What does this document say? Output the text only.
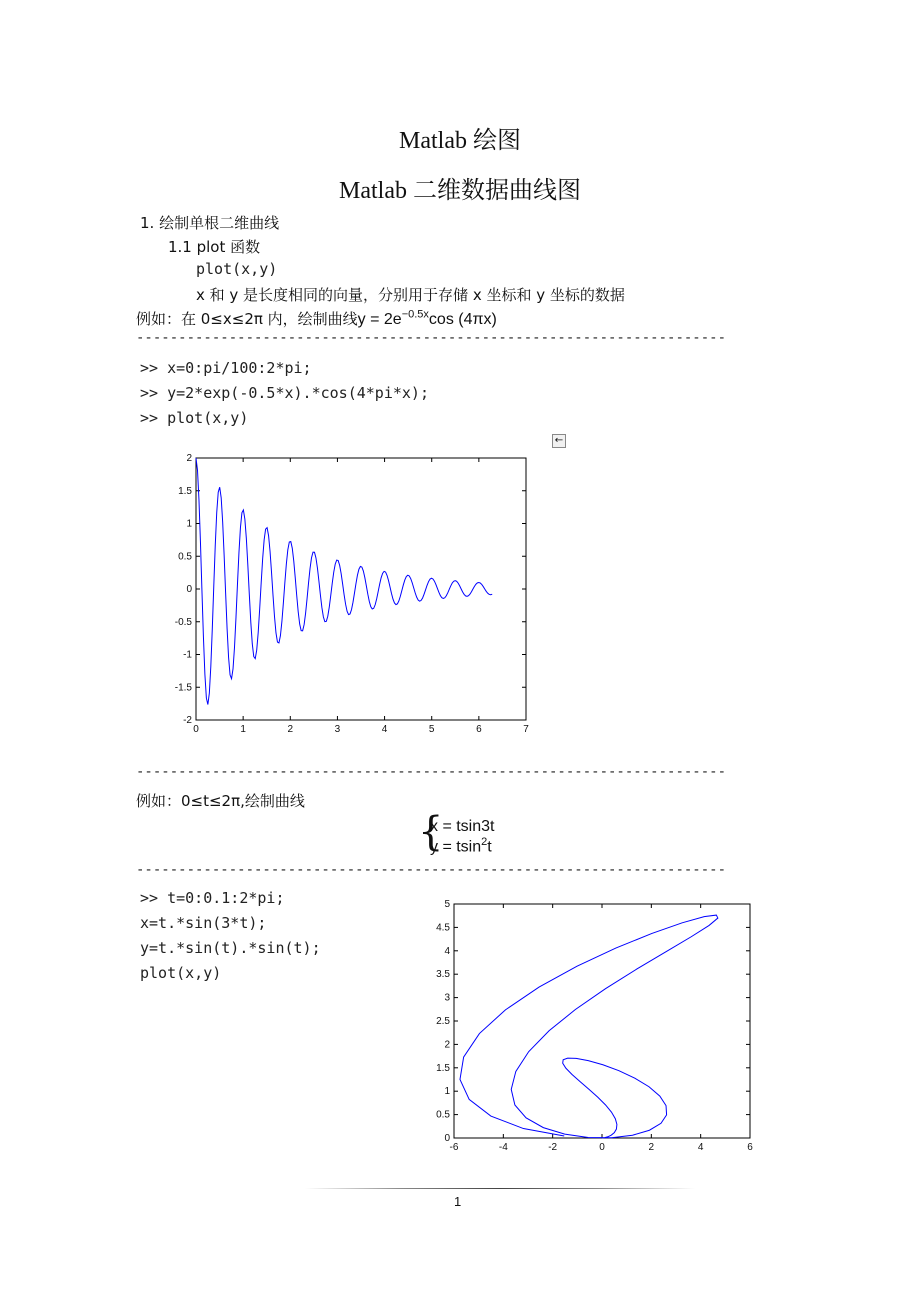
Matlab 绘图
Matlab 二维数据曲线图
1. 绘制单根二维曲线
1.1 plot 函数
plot(x,y)
x 和 y 是长度相同的向量，分别用于存储 x 坐标和 y 坐标的数据
例如：在 0≤x≤2π 内，绘制曲线$y = 2e^{-0.5x}\cos$ (4πx)
----------------------------------------------------------------------
>> x=0:pi/100:2*pi;
>> y=2*exp(-0.5*x).*cos(4*pi*x);
>> plot(x,y)
←
0	1	2	3	4	5	6	7
-2
-1.5
-1
-0.5
0
0.5
1
1.5
2
----------------------------------------------------------------------
例如：0≤t≤2π,绘制曲线
{
x = tsin3t
y = tsin$^2$t
----------------------------------------------------------------------
>> t=0:0.1:2*pi;
x=t.*sin(3*t);
y=t.*sin(t).*sin(t);
plot(x,y)
-6	-4	-2	0	2	4	6
0
0.5
1
1.5
2
2.5
3
3.5
4
4.5
5
1
